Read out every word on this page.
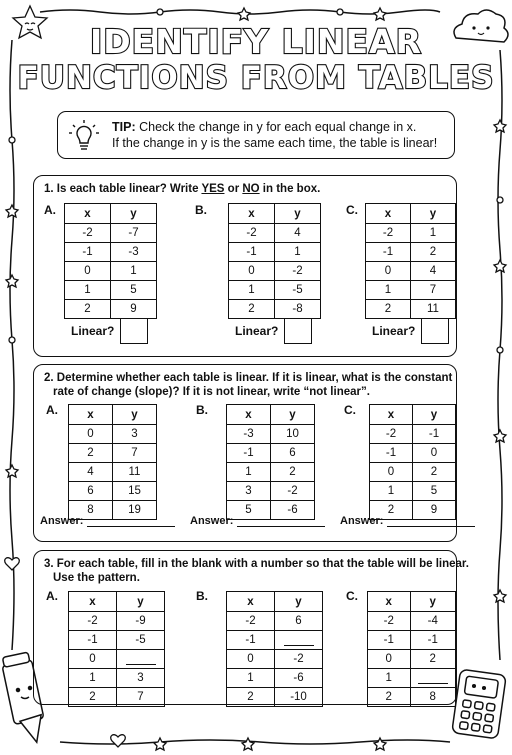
IDENTIFY LINEAR
FUNCTIONS FROM TABLES
TIP: Check the change in y for each equal change in x.
If the change in y is the same each time, the table is linear!
1. Is each table linear? Write YES or NO in the box.
A. x	y
-2	-7
-1	-3
0	1
1	5
2	9
Linear?
B.	x	y
-2	4
-1	1
0	-2
1	-5
2	-8
Linear?
C. x	y
-2	1
-1	2
0	4
1	7
2	11
Linear?
2. Determine whether each table is linear. If it is linear, what is the constant
rate of change (slope)? If it is not linear, write “not linear”.
A.	x	y
0	3
2	7
4	11
6	15
8	19
Answer:
B.	x	y
-3	10
-1	6
1	2
3	-2
5	-6
Answer:
C.	x	y
-2	-1
-1	0
0	2
1	5
2	9
Answer:
3. For each table, fill in the blank with a number so that the table will be linear.
Use the pattern.
A.	x	y
-2	-9
-1	-5
0	
1	3
2	7
B.	x	y
-2	6
-1	
0	-2
1	-6
2	-10
C. x	y
-2	-4
-1	-1
0	2
1	
2	8
